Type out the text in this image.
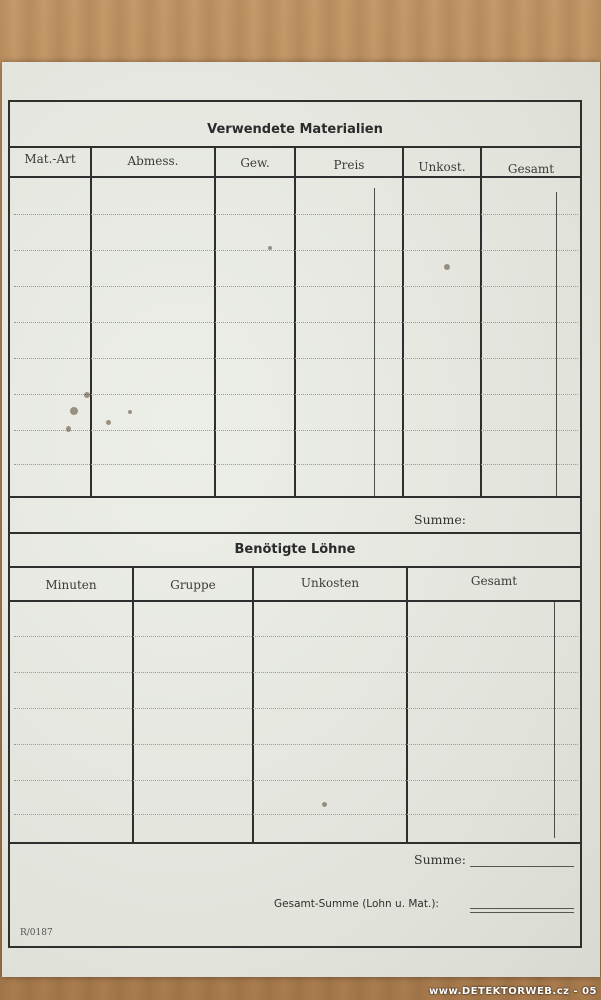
Verwendete Materialien
Mat.-Art	Abmess.	Gew.	Preis	Unkost.	Gesamt
Summe:
Benötigte Löhne
Minuten	Gruppe	Unkosten	Gesamt
Summe:
Gesamt-Summe (Lohn u. Mat.):
R/0187
www.DETEKTORWEB.cz - 05
